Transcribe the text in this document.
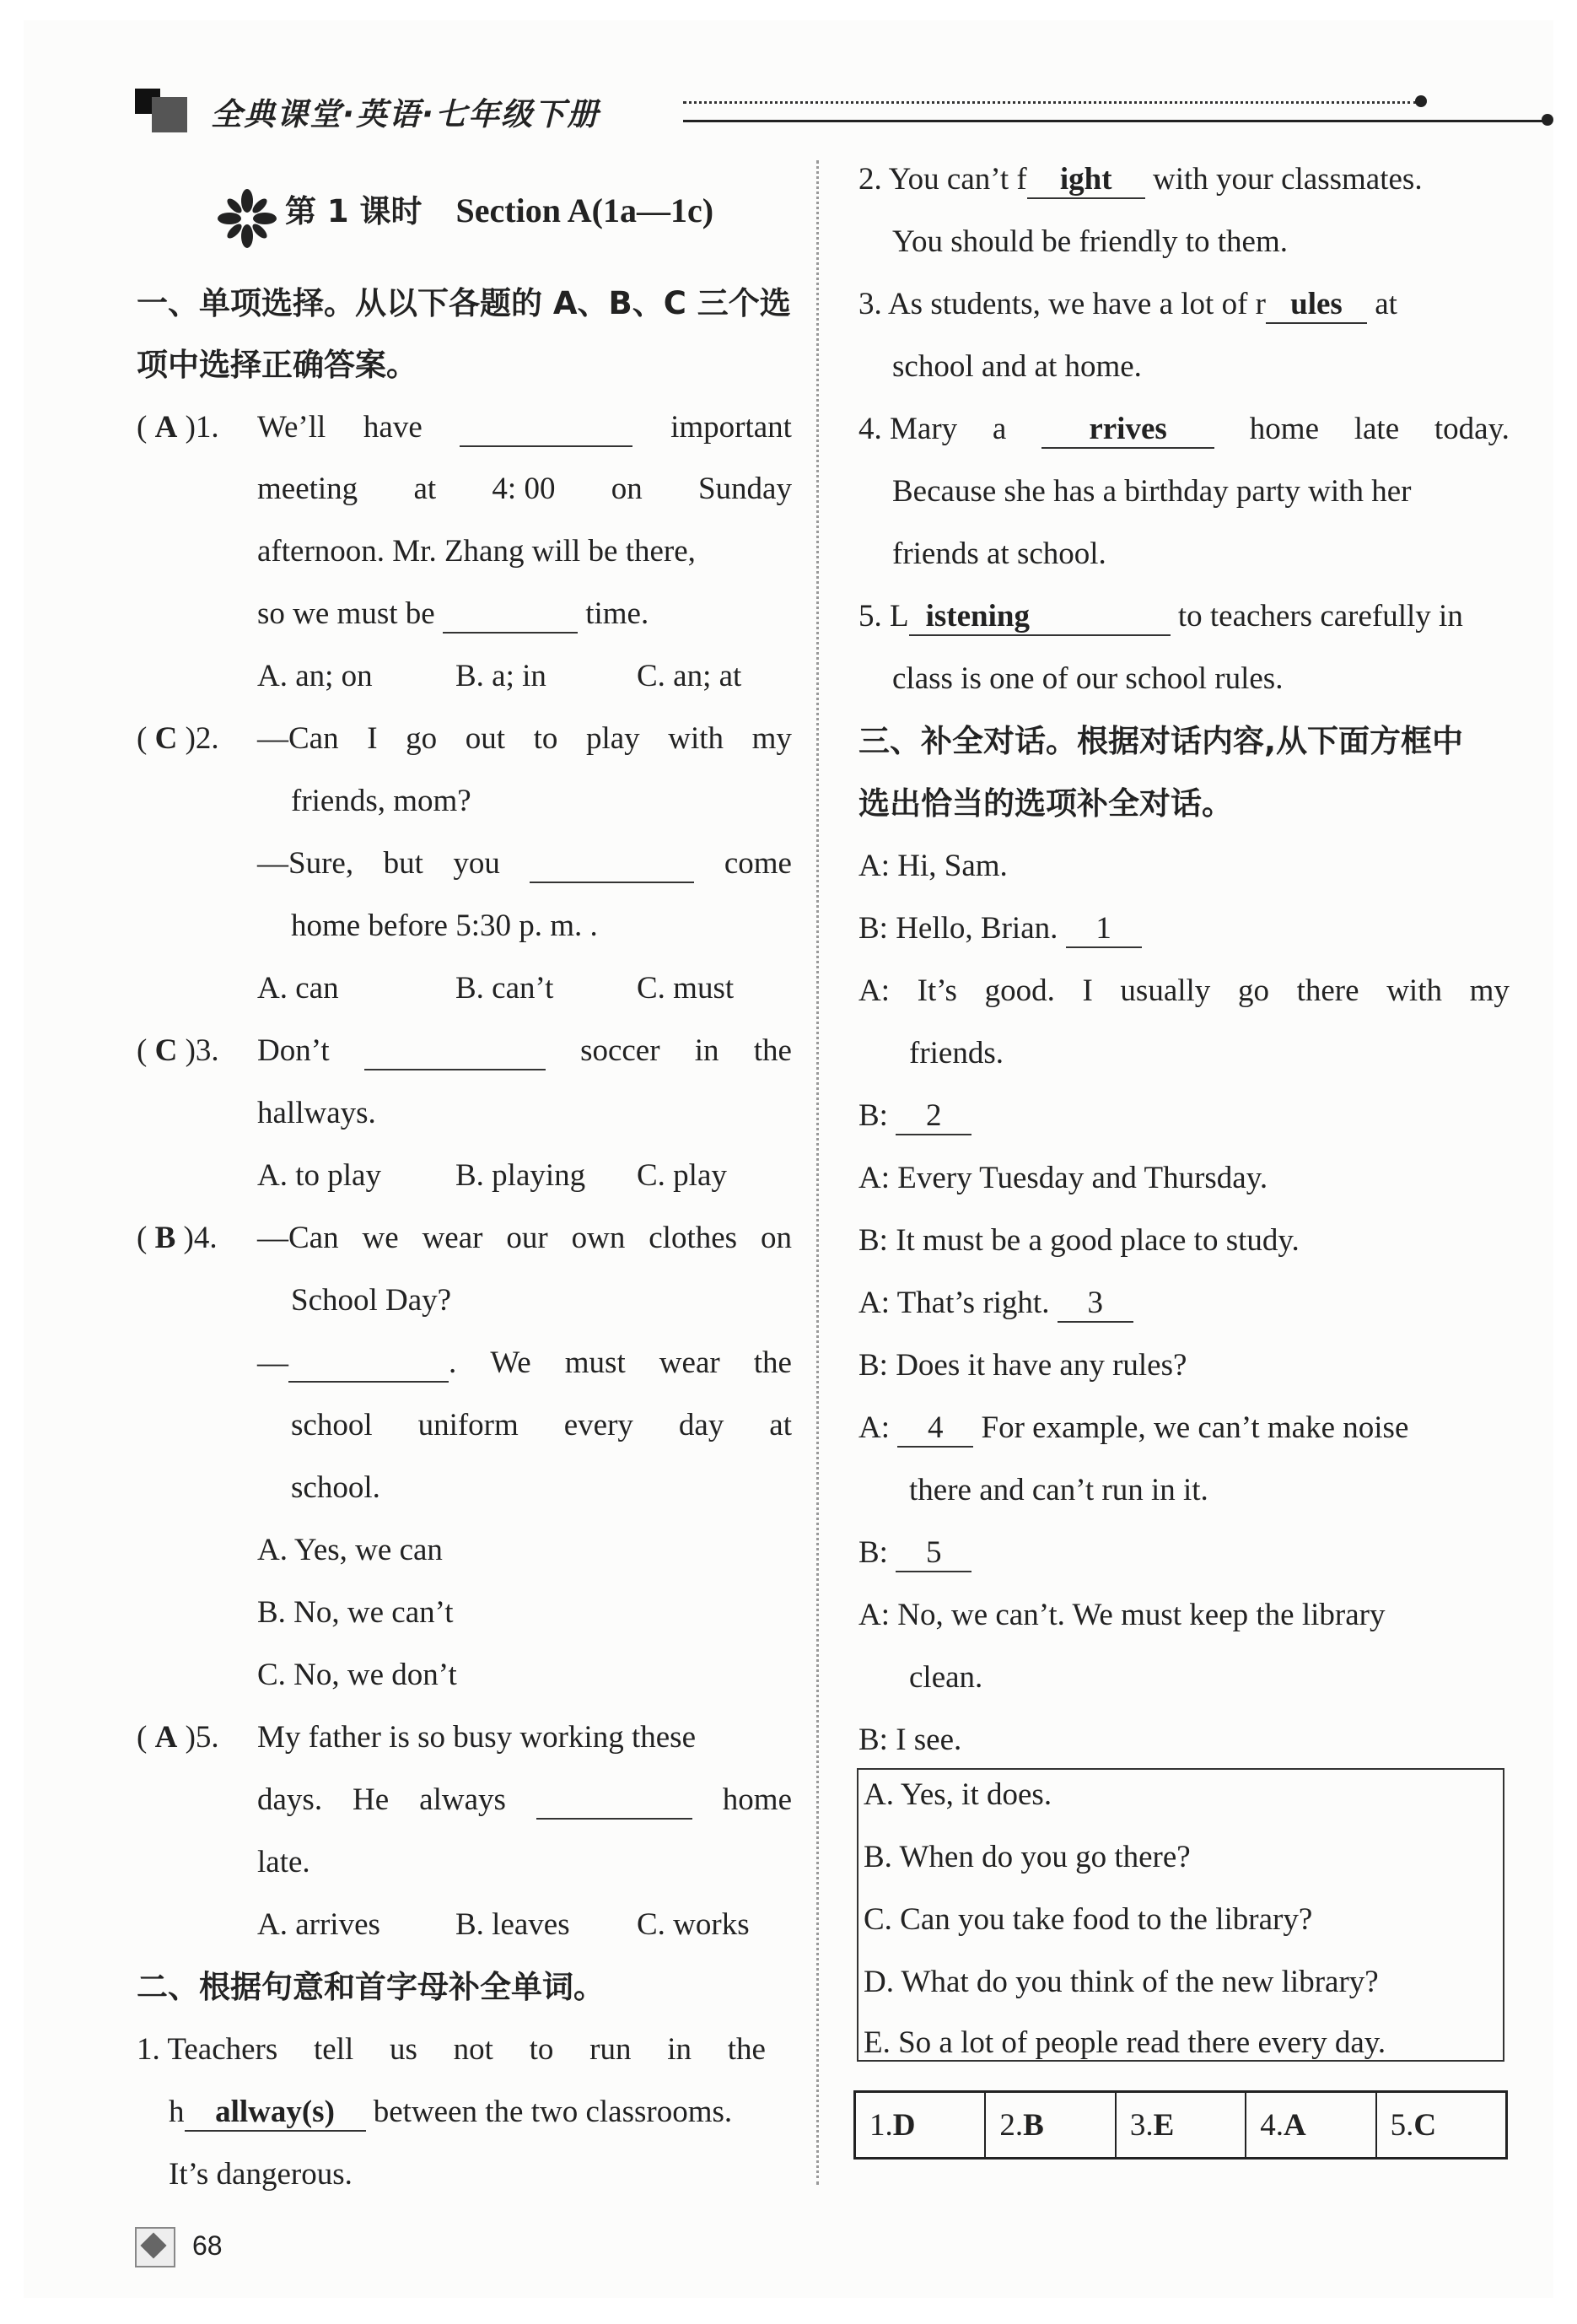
全典课堂·英语·七年级下册
第 1 课时 Section A(1a—1c)
一、单项选择。从以下各题的 A、B、C 三个选
项中选择正确答案。
( A )1. We’ll have
	important
meeting at 4: 00 on Sunday
afternoon. Mr. Zhang will be there,
so we must be	time.
A. an; on	B. a; in	C. an; at
( C )2. —Can I go out to play with my
friends, mom?
—Sure, but you
	come
home before 5:30 p. m. .
A. can	B. can’t	C. must
( C )3. Don’t
	soccer in the
hallways.
A. to play B. playing C. play
( B )4. —Can we wear our own clothes on
School Day?
—	. We must wear the
school uniform every day at
school.
A. Yes, we can
B. No, we can’t
C. No, we don’t
( A )5. My father is so busy working these
days. He always
	home
late.
A. arrives B. leaves C. works
二、根据句意和首字母补全单词。
1. Teachers tell us not to run in the
h allway(s) between the two classrooms.
It’s dangerous.
2. You can’t f ight with your classmates.
You should be friendly to them.
3. As students, we have a lot of r ules at
school and at home.
4. Mary a	rrives	home late today.
Because she has a birthday party with her
friends at school.
5. L istening	to teachers carefully in
class is one of our school rules.
三、补全对话。根据对话内容,从下面方框中
选出恰当的选项补全对话。
A: Hi, Sam.
B: Hello, Brian. 1
A: It’s good. I usually go there with my
friends.
B: 2
A: Every Tuesday and Thursday.
B: It must be a good place to study.
A: That’s right. 3
B: Does it have any rules?
A: 4 For example, we can’t make noise
there and can’t run in it.
B: 5
A: No, we can’t. We must keep the library
clean.
B: I see.
A. Yes, it does.
B. When do you go there?
C. Can you take food to the library?
D. What do you think of the new library?
E. So a lot of people read there every day.
1. D	2. B	3. E	4. A	5. C
68
